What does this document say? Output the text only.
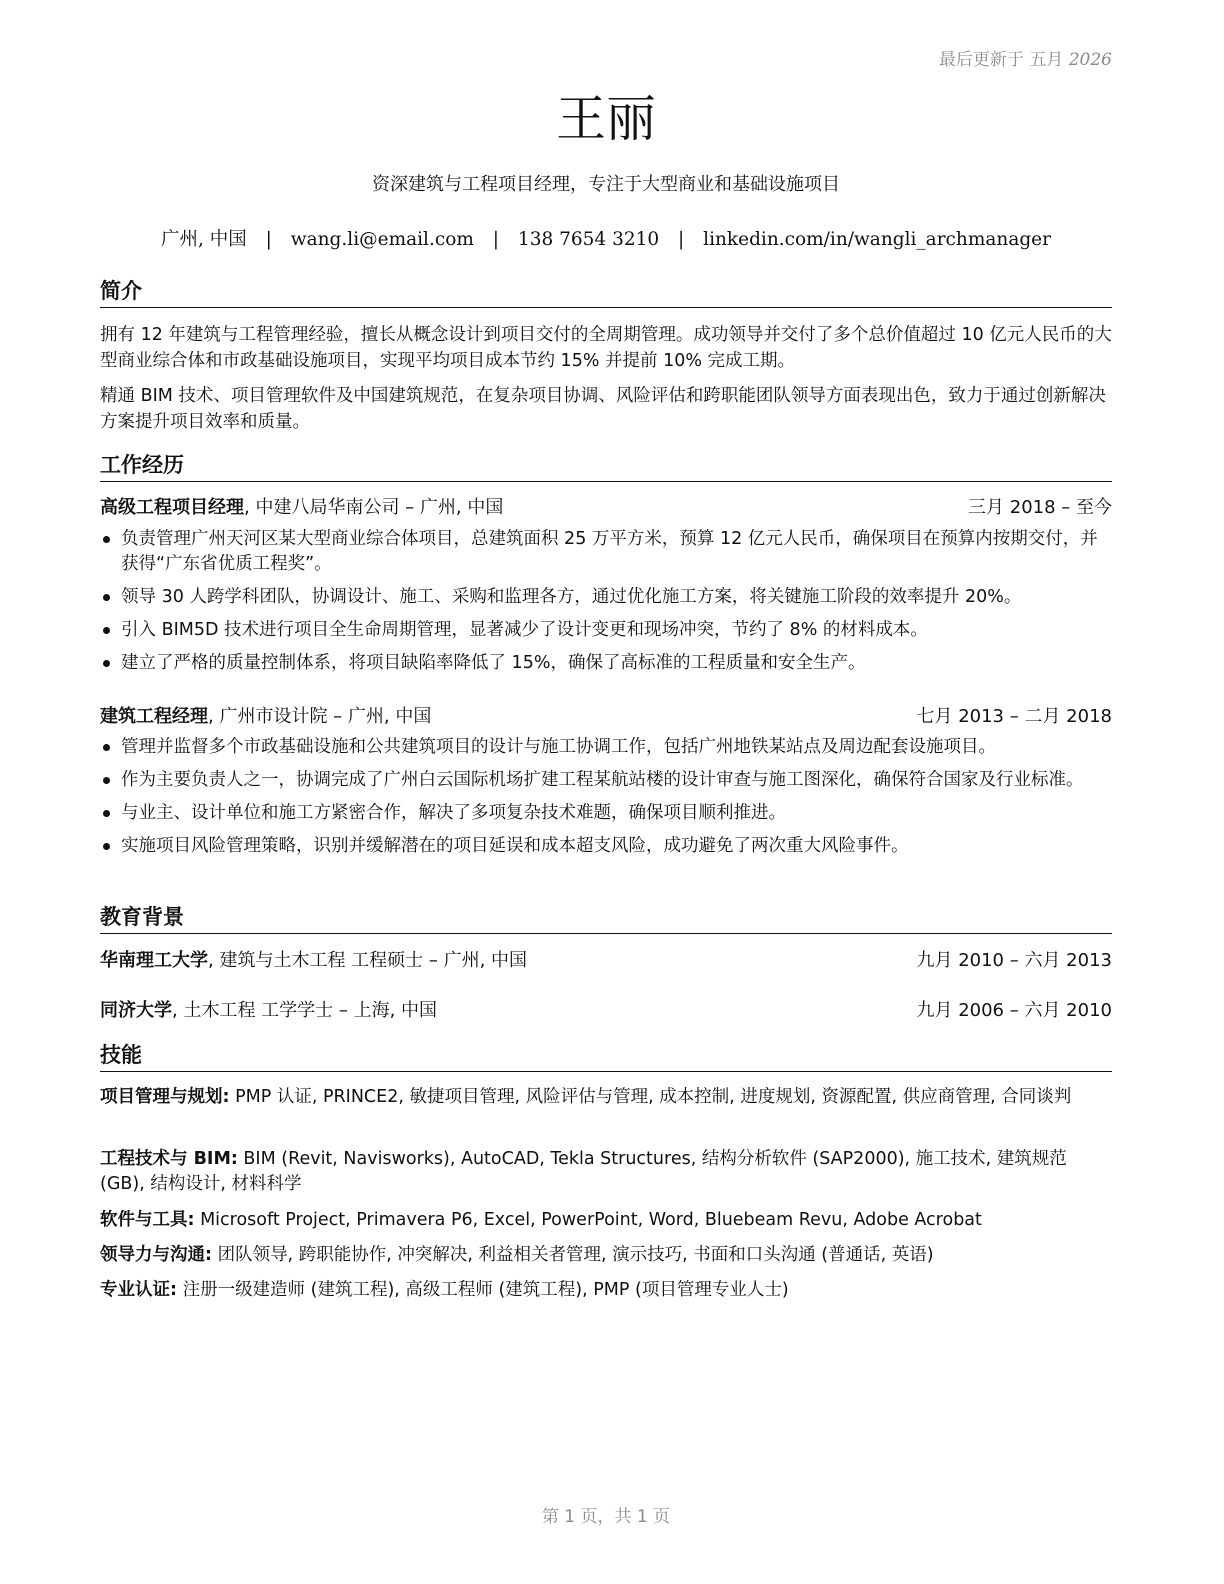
最后更新于 五月 2026
王丽
资深建筑与工程项目经理，专注于大型商业和基础设施项目
广州, 中国 | wang.li@email.com | 138 7654 3210 | linkedin.com/in/wangli_archmanager
简介

拥有 12 年建筑与工程管理经验，擅长从概念设计到项目交付的全周期管理。成功领导并交付了多个总价值超过 10 亿元人民币的大型商业综合体和市政基础设施项目，实现平均项目成本节约 15% 并提前 10% 完成工期。

精通 BIM 技术、项目管理软件及中国建筑规范，在复杂项目协调、风险评估和跨职能团队领导方面表现出色，致力于通过创新解决方案提升项目效率和质量。

工作经历
高级工程项目经理, 中建八局华南公司 – 广州, 中国	三月 2018 – 至今
负责管理广州天河区某大型商业综合体项目，总建筑面积 25 万平方米，预算 12 亿元人民币，确保项目在预算内按期交付，并获得“广东省优质工程奖”。
领导 30 人跨学科团队，协调设计、施工、采购和监理各方，通过优化施工方案，将关键施工阶段的效率提升 20%。
引入 BIM5D 技术进行项目全生命周期管理，显著减少了设计变更和现场冲突，节约了 8% 的材料成本。
建立了严格的质量控制体系，将项目缺陷率降低了 15%，确保了高标准的工程质量和安全生产。
建筑工程经理, 广州市设计院 – 广州, 中国	七月 2013 – 二月 2018
管理并监督多个市政基础设施和公共建筑项目的设计与施工协调工作，包括广州地铁某站点及周边配套设施项目。
作为主要负责人之一，协调完成了广州白云国际机场扩建工程某航站楼的设计审查与施工图深化，确保符合国家及行业标准。
与业主、设计单位和施工方紧密合作，解决了多项复杂技术难题，确保项目顺利推进。
实施项目风险管理策略，识别并缓解潜在的项目延误和成本超支风险，成功避免了两次重大风险事件。
教育背景
华南理工大学, 建筑与土木工程 工程硕士 – 广州, 中国	九月 2010 – 六月 2013
同济大学, 土木工程 工学学士 – 上海, 中国	九月 2006 – 六月 2010
技能
项目管理与规划: PMP 认证, PRINCE2, 敏捷项目管理, 风险评估与管理, 成本控制, 进度规划, 资源配置, 供应商管理, 合同谈判
工程技术与 BIM: BIM (Revit, Navisworks), AutoCAD, Tekla Structures, 结构分析软件 (SAP2000), 施工技术, 建筑规范 (GB), 结构设计, 材料科学
软件与工具: Microsoft Project, Primavera P6, Excel, PowerPoint, Word, Bluebeam Revu, Adobe Acrobat
领导力与沟通: 团队领导, 跨职能协作, 冲突解决, 利益相关者管理, 演示技巧, 书面和口头沟通 (普通话, 英语)
专业认证: 注册一级建造师 (建筑工程), 高级工程师 (建筑工程), PMP (项目管理专业人士)
第 1 页，共 1 页
